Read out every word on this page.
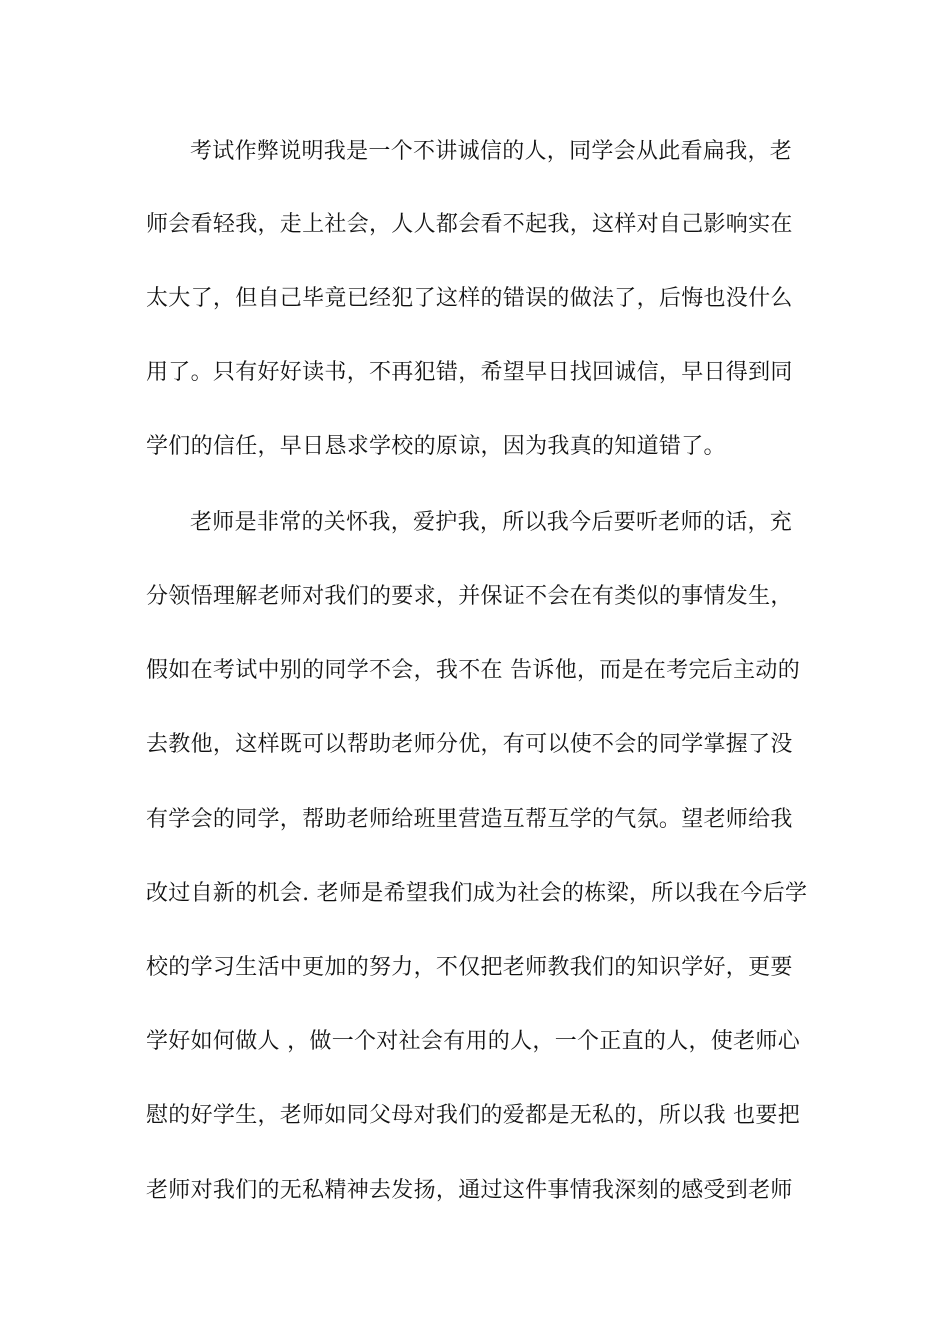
考试作弊说明我是一个不讲诚信的人，同学会从此看扁我，老
师会看轻我，走上社会，人人都会看不起我，这样对自己影响实在
太大了，但自己毕竟已经犯了这样的错误的做法了，后悔也没什么
用了。只有好好读书，不再犯错，希望早日找回诚信，早日得到同
学们的信任，早日恳求学校的原谅，因为我真的知道错了。
老师是非常的关怀我，爱护我，所以我今后要听老师的话，充
分领悟理解老师对我们的要求，并保证不会在有类似的事情发生，
假如在考试中别的同学不会，我不在 告诉他，而是在考完后主动的
去教他，这样既可以帮助老师分优，有可以使不会的同学掌握了没
有学会的同学，帮助老师给班里营造互帮互学的气氛。望老师给我
改过自新的机会. 老师是希望我们成为社会的栋梁，所以我在今后学
校的学习生活中更加的努力，不仅把老师教我们的知识学好，更要
学好如何做人 ，做一个对社会有用的人，一个正直的人，使老师心
慰的好学生，老师如同父母对我们的爱都是无私的，所以我 也要把
老师对我们的无私精神去发扬，通过这件事情我深刻的感受到老师
